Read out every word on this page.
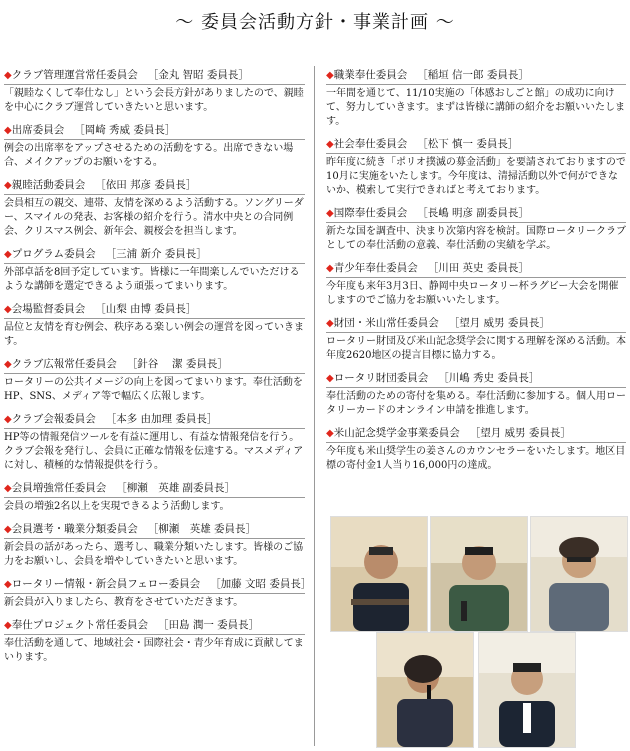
〜 委員会活動方針・事業計画 〜
◆クラブ管理運営常任委員会 ［金丸 智昭 委員長］
「親睦なくして奉仕なし」という会長方針がありましたので、親睦を中心にクラブ運営していきたいと思います。
◆出席委員会 ［岡崎 秀威 委員長］
例会の出席率をアップさせるための活動をする。出席できない場合、メイクアップのお願いをする。
◆親睦活動委員会 ［依田 邦彦 委員長］
会員相互の親交、連帯、友情を深めるよう活動する。ソングリーダー、スマイルの発表、お客様の紹介を行う。清水中央との合同例会、クリスマス例会、新年会、親桜会を担当します。
◆プログラム委員会 ［三浦 新介 委員長］
外部卓話を8回予定しています。皆様に一年間楽しんでいただけるような講師を選定できるよう頑張ってまいります。
◆会場監督委員会 ［山梨 由博 委員長］
品位と友情を育む例会、秩序ある楽しい例会の運営を図っていきます。
◆クラブ広報常任委員会 ［針谷　 潔 委員長］
ロータリーの公共イメージの向上を図ってまいります。奉仕活動をHP、SNS、メディア等で幅広く広報します。
◆クラブ会報委員会 ［本多 由加理 委員長］
HP等の情報発信ツールを有益に運用し、有益な情報発信を行う。クラブ会報を発行し、会員に正確な情報を伝達する。マスメディアに対し、積極的な情報提供を行う。
◆会員増強常任委員会 ［柳瀬　英雄 副委員長］
会員の増強2名以上を実現できるよう活動します。
◆会員選考・職業分類委員会 ［柳瀬　英雄 委員長］
新会員の話があったら、選考し、職業分類いたします。皆様のご協力をお願いし、会員を増やしていきたいと思います。
◆ロータリー情報・新会員フェロー委員会 ［加藤 文昭 委員長］
新会員が入りましたら、教育をさせていただきます。
◆奉仕プロジェクト常任委員会 ［田島 潤一 委員長］
奉仕活動を通して、地域社会・国際社会・青少年育成に貢献してまいります。
◆職業奉仕委員会 ［稲垣 信一郎 委員長］
一年間を通じて、11/10実施の「体感おしごと館」の成功に向けて、努力していきます。まずは皆様に講師の紹介をお願いいたします。
◆社会奉仕委員会 ［松下 慎一 委員長］
昨年度に続き「ポリオ撲滅の募金活動」を要請されておりますので10月に実施をいたします。今年度は、清掃活動以外で何ができないか、模索して実行できればと考えております。
◆国際奉仕委員会 ［長嶋 明彦 副委員長］
新たな国を調査中、決まり次第内容を検討。国際ロータリークラブとしての奉仕活動の意義、奉仕活動の実績を学ぶ。
◆青少年奉仕委員会 ［川田 英史 委員長］
今年度も来年3月3日、静岡中央ロータリー杯ラグビー大会を開催しますのでご協力をお願いいたします。
◆財団・米山常任委員会 ［望月 威男 委員長］
ロータリー財団及び米山記念奨学会に関する理解を深める活動。本年度2620地区の提言目標に協力する。
◆ロータリ財団委員会 ［川嶋 秀史 委員長］
奉仕活動のための寄付を集める。奉仕活動に参加する。個人用ロータリーカードのオンライン申請を推進します。
◆米山記念奨学金事業委員会 ［望月 威男 委員長］
今年度も米山奨学生の姜さんのカウンセラーをいたします。地区目標の寄付金1人当り16,000円の達成。
